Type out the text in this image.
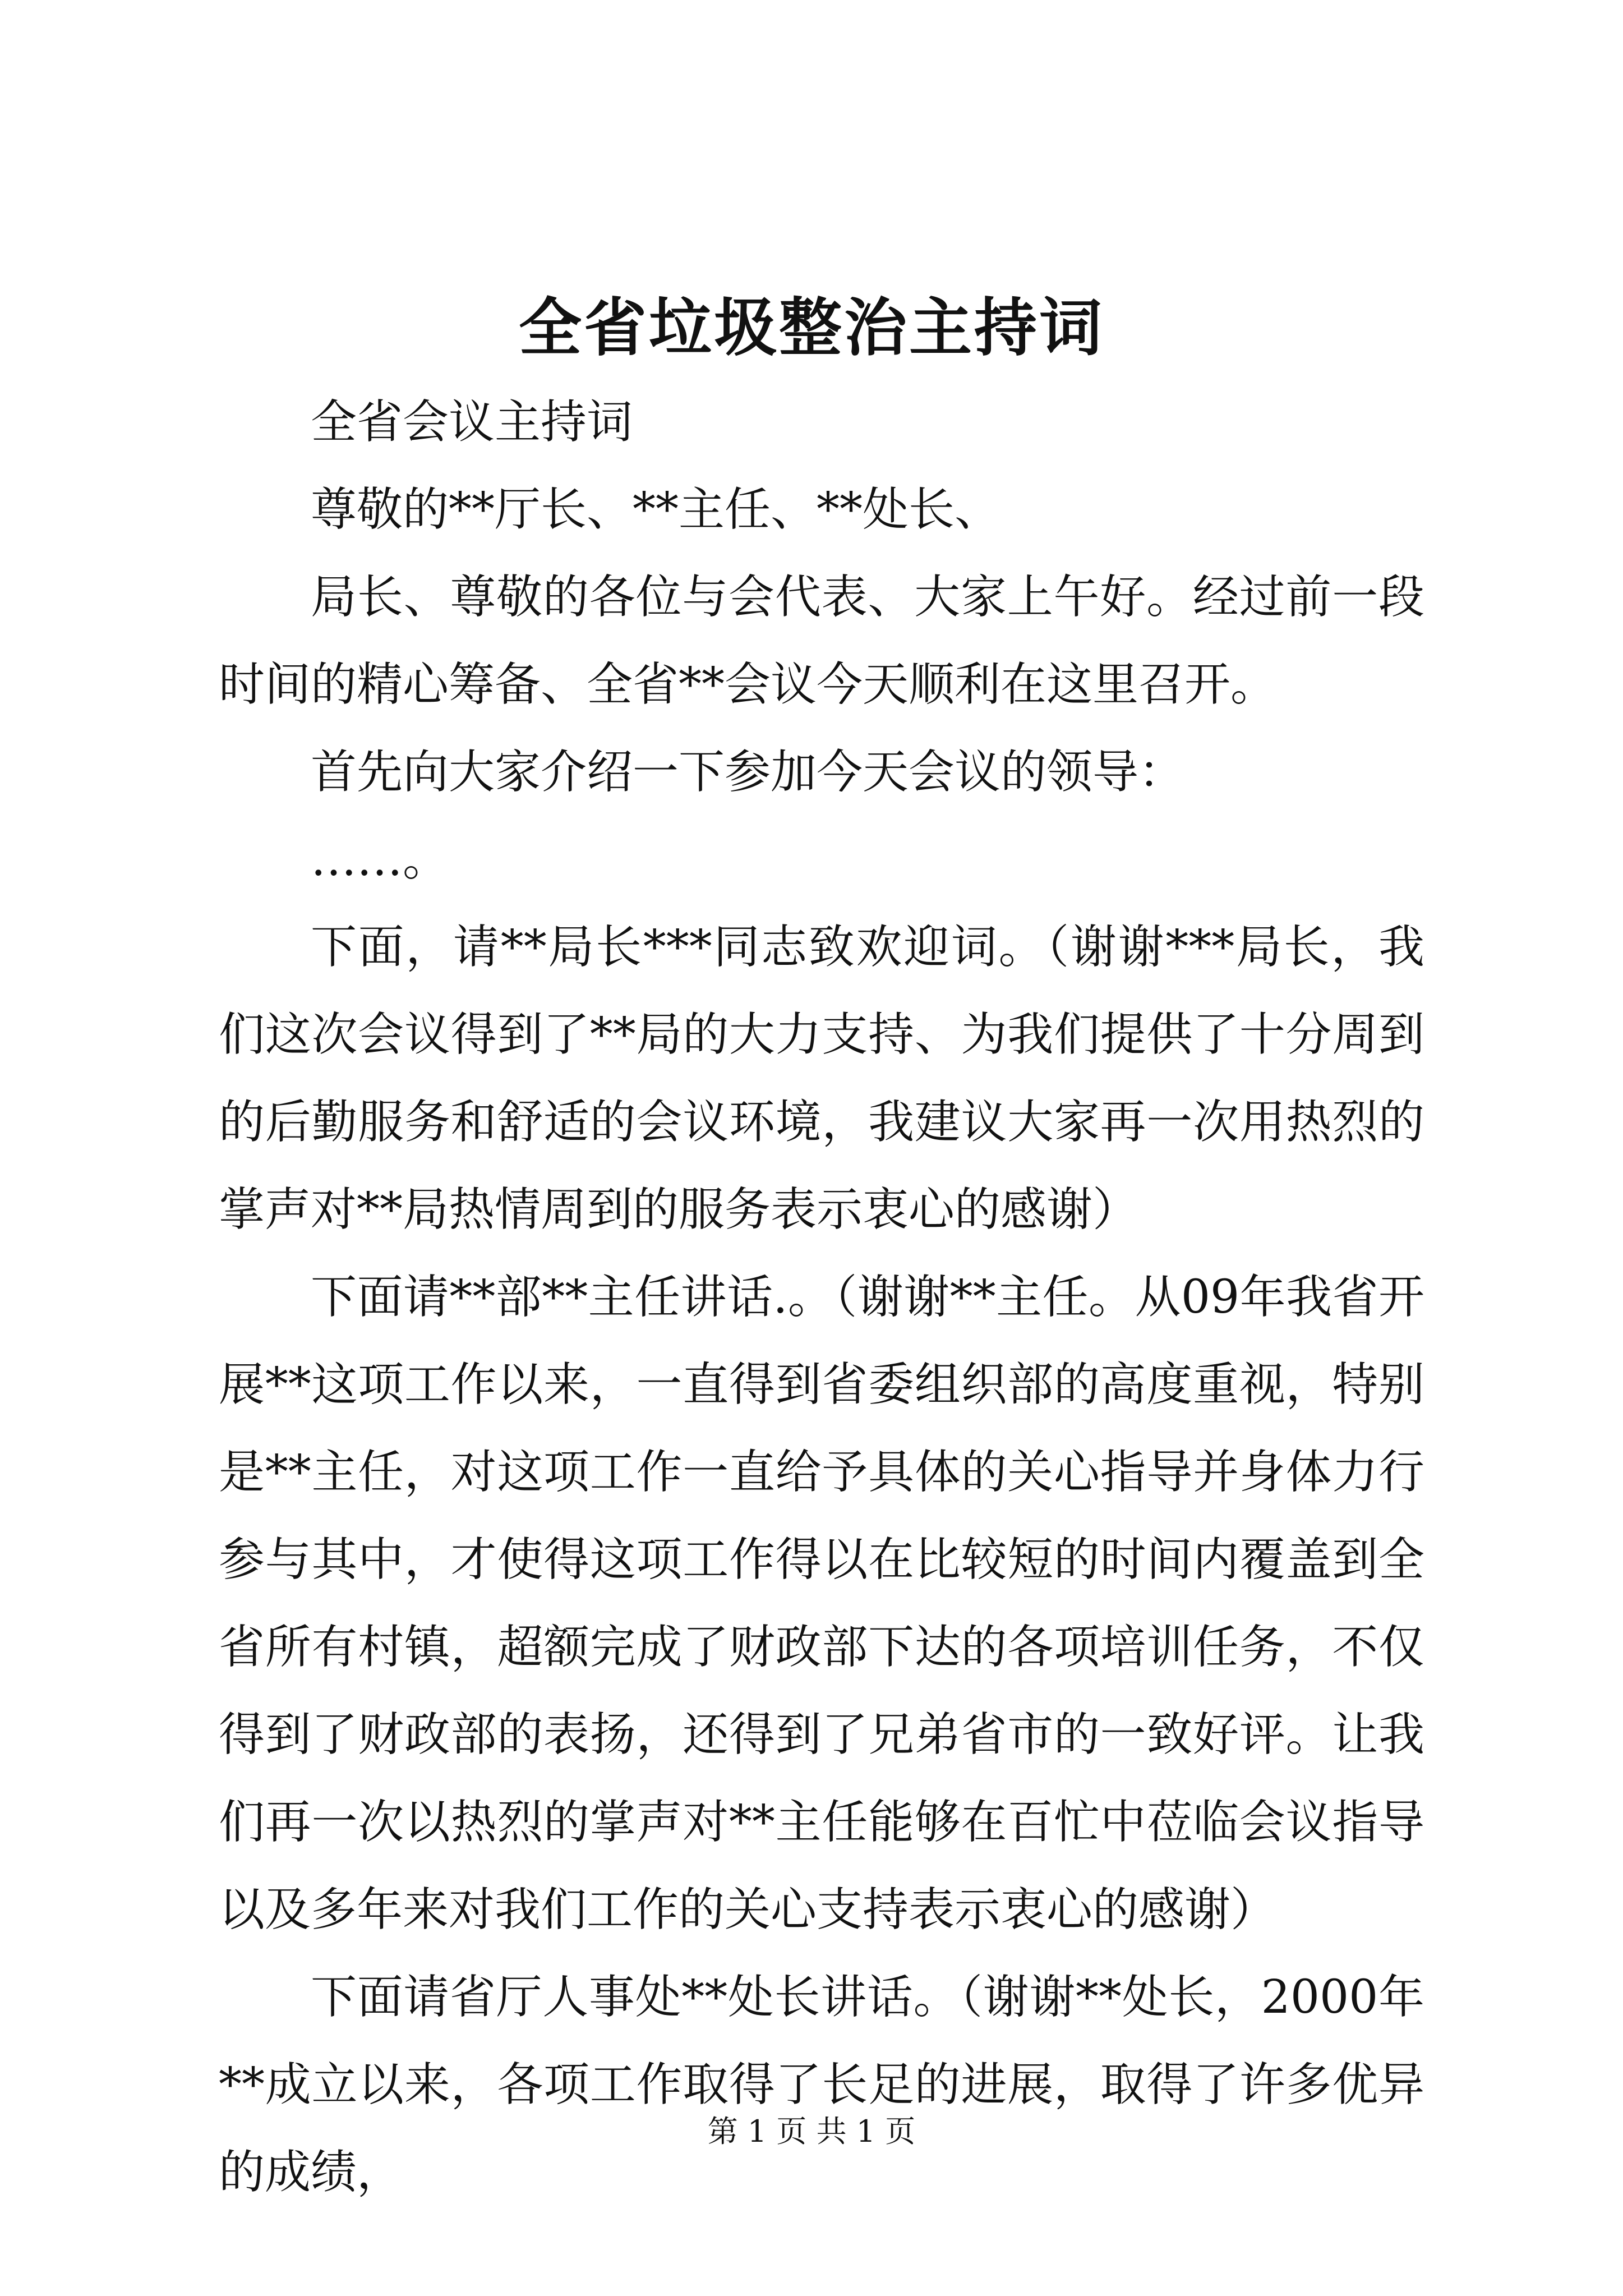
全省垃圾整治主持词

全省会议主持词

尊敬的**厅长、**主任、**处长、

局长、尊敬的各位与会代表、大家上午好。经过前一段时间的精心筹备、全省**会议今天顺利在这里召开。

首先向大家介绍一下参加今天会议的领导：

……。

下面，请**局长***同志致欢迎词。（谢谢***局长，我们这次会议得到了**局的大力支持、为我们提供了十分周到的后勤服务和舒适的会议环境，我建议大家再一次用热烈的掌声对**局热情周到的服务表示衷心的感谢）

下面请**部**主任讲话.。（谢谢**主任。从09年我省开展**这项工作以来，一直得到省委组织部的高度重视，特别是**主任，对这项工作一直给予具体的关心指导并身体力行参与其中，才使得这项工作得以在比较短的时间内覆盖到全省所有村镇，超额完成了财政部下达的各项培训任务，不仅得到了财政部的表扬，还得到了兄弟省市的一致好评。让我们再一次以热烈的掌声对**主任能够在百忙中莅临会议指导以及多年来对我们工作的关心支持表示衷心的感谢）

下面请省厅人事处**处长讲话。（谢谢**处长，2000年**成立以来，各项工作取得了长足的进展，取得了许多优异的成绩，

第 1 页 共 1 页
